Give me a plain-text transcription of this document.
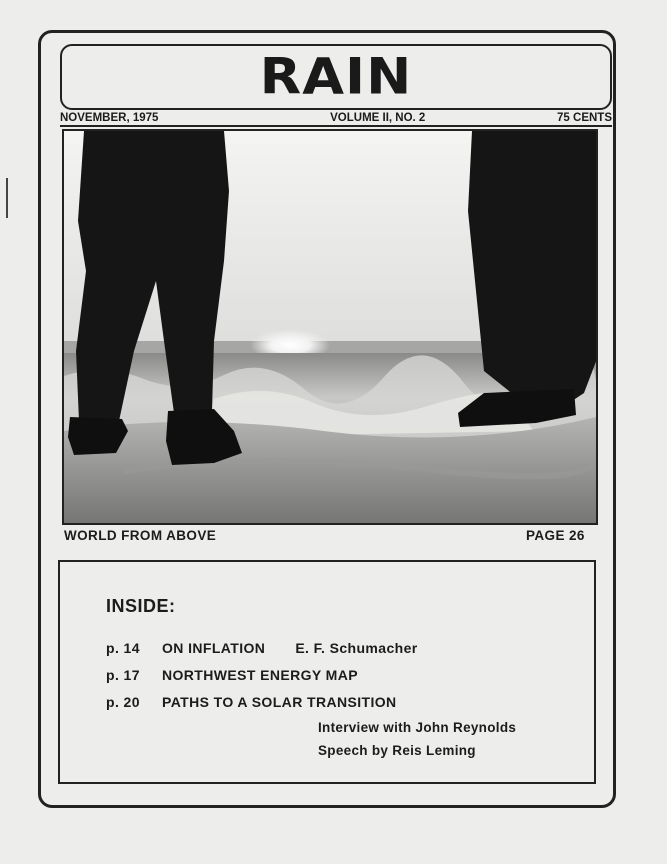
RAIN
NOVEMBER, 1975	VOLUME II, NO. 2	75 CENTS
WORLD FROM ABOVE	PAGE 26
INSIDE:
p. 14 ON INFLATION E. F. Schumacher
p. 17 NORTHWEST ENERGY MAP
p. 20 PATHS TO A SOLAR TRANSITION
Interview with John Reynolds
Speech by Reis Leming
